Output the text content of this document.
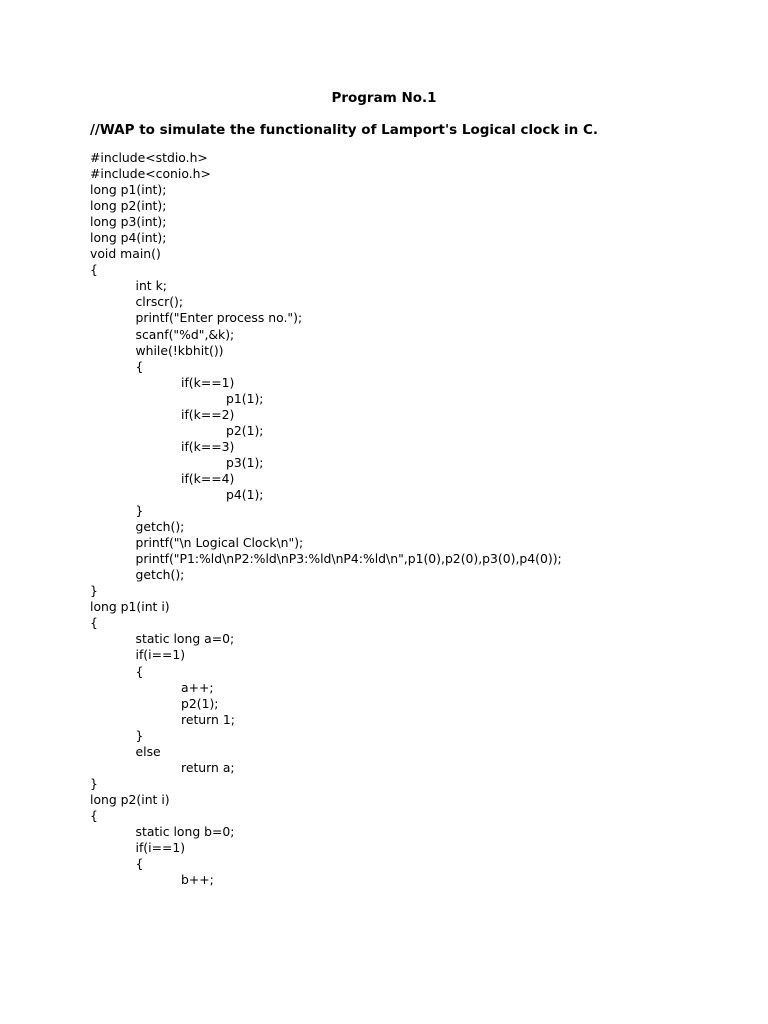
Program No.1
//WAP to simulate the functionality of Lamport's Logical clock in C.
#include<stdio.h>
#include<conio.h>
long p1(int);
long p2(int);
long p3(int);
long p4(int);
void main()
{
int k;
clrscr();
printf("Enter process no.");
scanf("%d",&k);
while(!kbhit())
{
if(k==1)
p1(1);
if(k==2)
p2(1);
if(k==3)
p3(1);
if(k==4)
p4(1);
}
getch();
printf("\n Logical Clock\n");
printf("P1:%ld\nP2:%ld\nP3:%ld\nP4:%ld\n",p1(0),p2(0),p3(0),p4(0));
getch();
}
long p1(int i)
{
static long a=0;
if(i==1)
{
a++;
p2(1);
return 1;
}
else
return a;
}
long p2(int i)
{
static long b=0;
if(i==1)
{
b++;
